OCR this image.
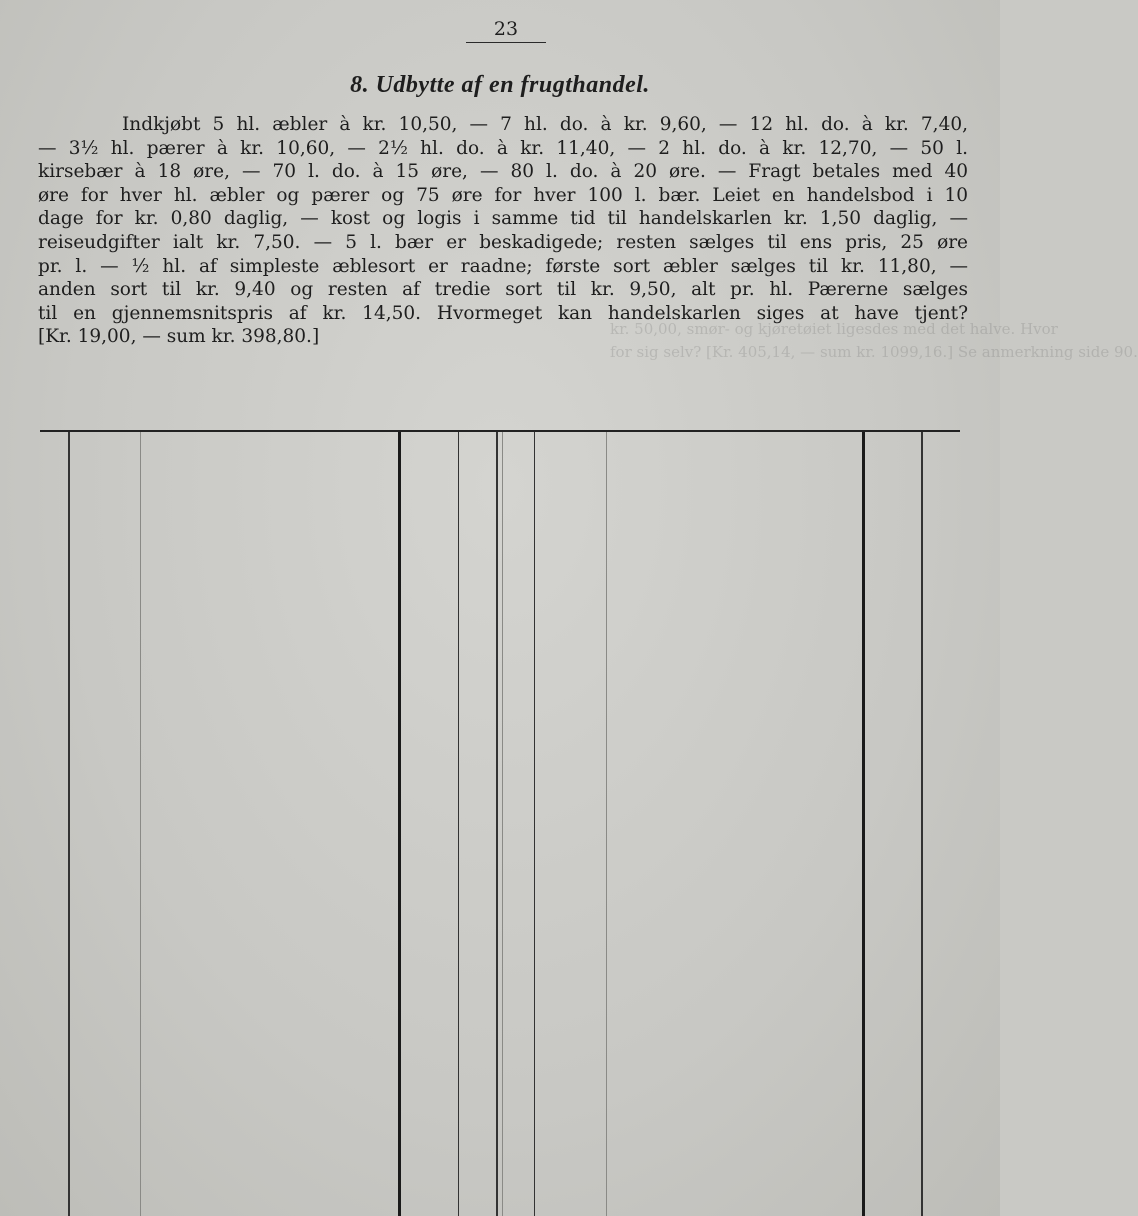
23
8. Udbytte af en frugthandel.
Indkjøbt 5 hl. æbler à kr. 10,50, — 7 hl. do. à kr. 9,60, — 12 hl. do. à kr. 7,40,
— 3½ hl. pærer à kr. 10,60, — 2½ hl. do. à kr. 11,40, — 2 hl. do. à kr. 12,70, — 50 l.
kirsebær à 18 øre, — 70 l. do. à 15 øre, — 80 l. do. à 20 øre. — Fragt betales med 40
øre for hver hl. æbler og pærer og 75 øre for hver 100 l. bær. Leiet en handelsbod i 10
dage for kr. 0,80 daglig, — kost og logis i samme tid til handelskarlen kr. 1,50 daglig, —
reiseudgifter ialt kr. 7,50. — 5 l. bær er beskadigede; resten sælges til ens pris, 25 øre
pr. l. — ½ hl. af simpleste æblesort er raadne; første sort æbler sælges til kr. 11,80, —
anden sort til kr. 9,40 og resten af tredie sort til kr. 9,50, alt pr. hl. Pærerne sælges
til en gjennemsnitspris af kr. 14,50. Hvormeget kan handelskarlen siges at have tjent?
[Kr. 19,00, — sum kr. 398,80.]	kr. 50,00, smør- og kjøretøiet ligesdes med det halve. Hvor
for sig selv? [Kr. 405,14, — sum kr. 1099,16.] Se anmerkning side 90.
